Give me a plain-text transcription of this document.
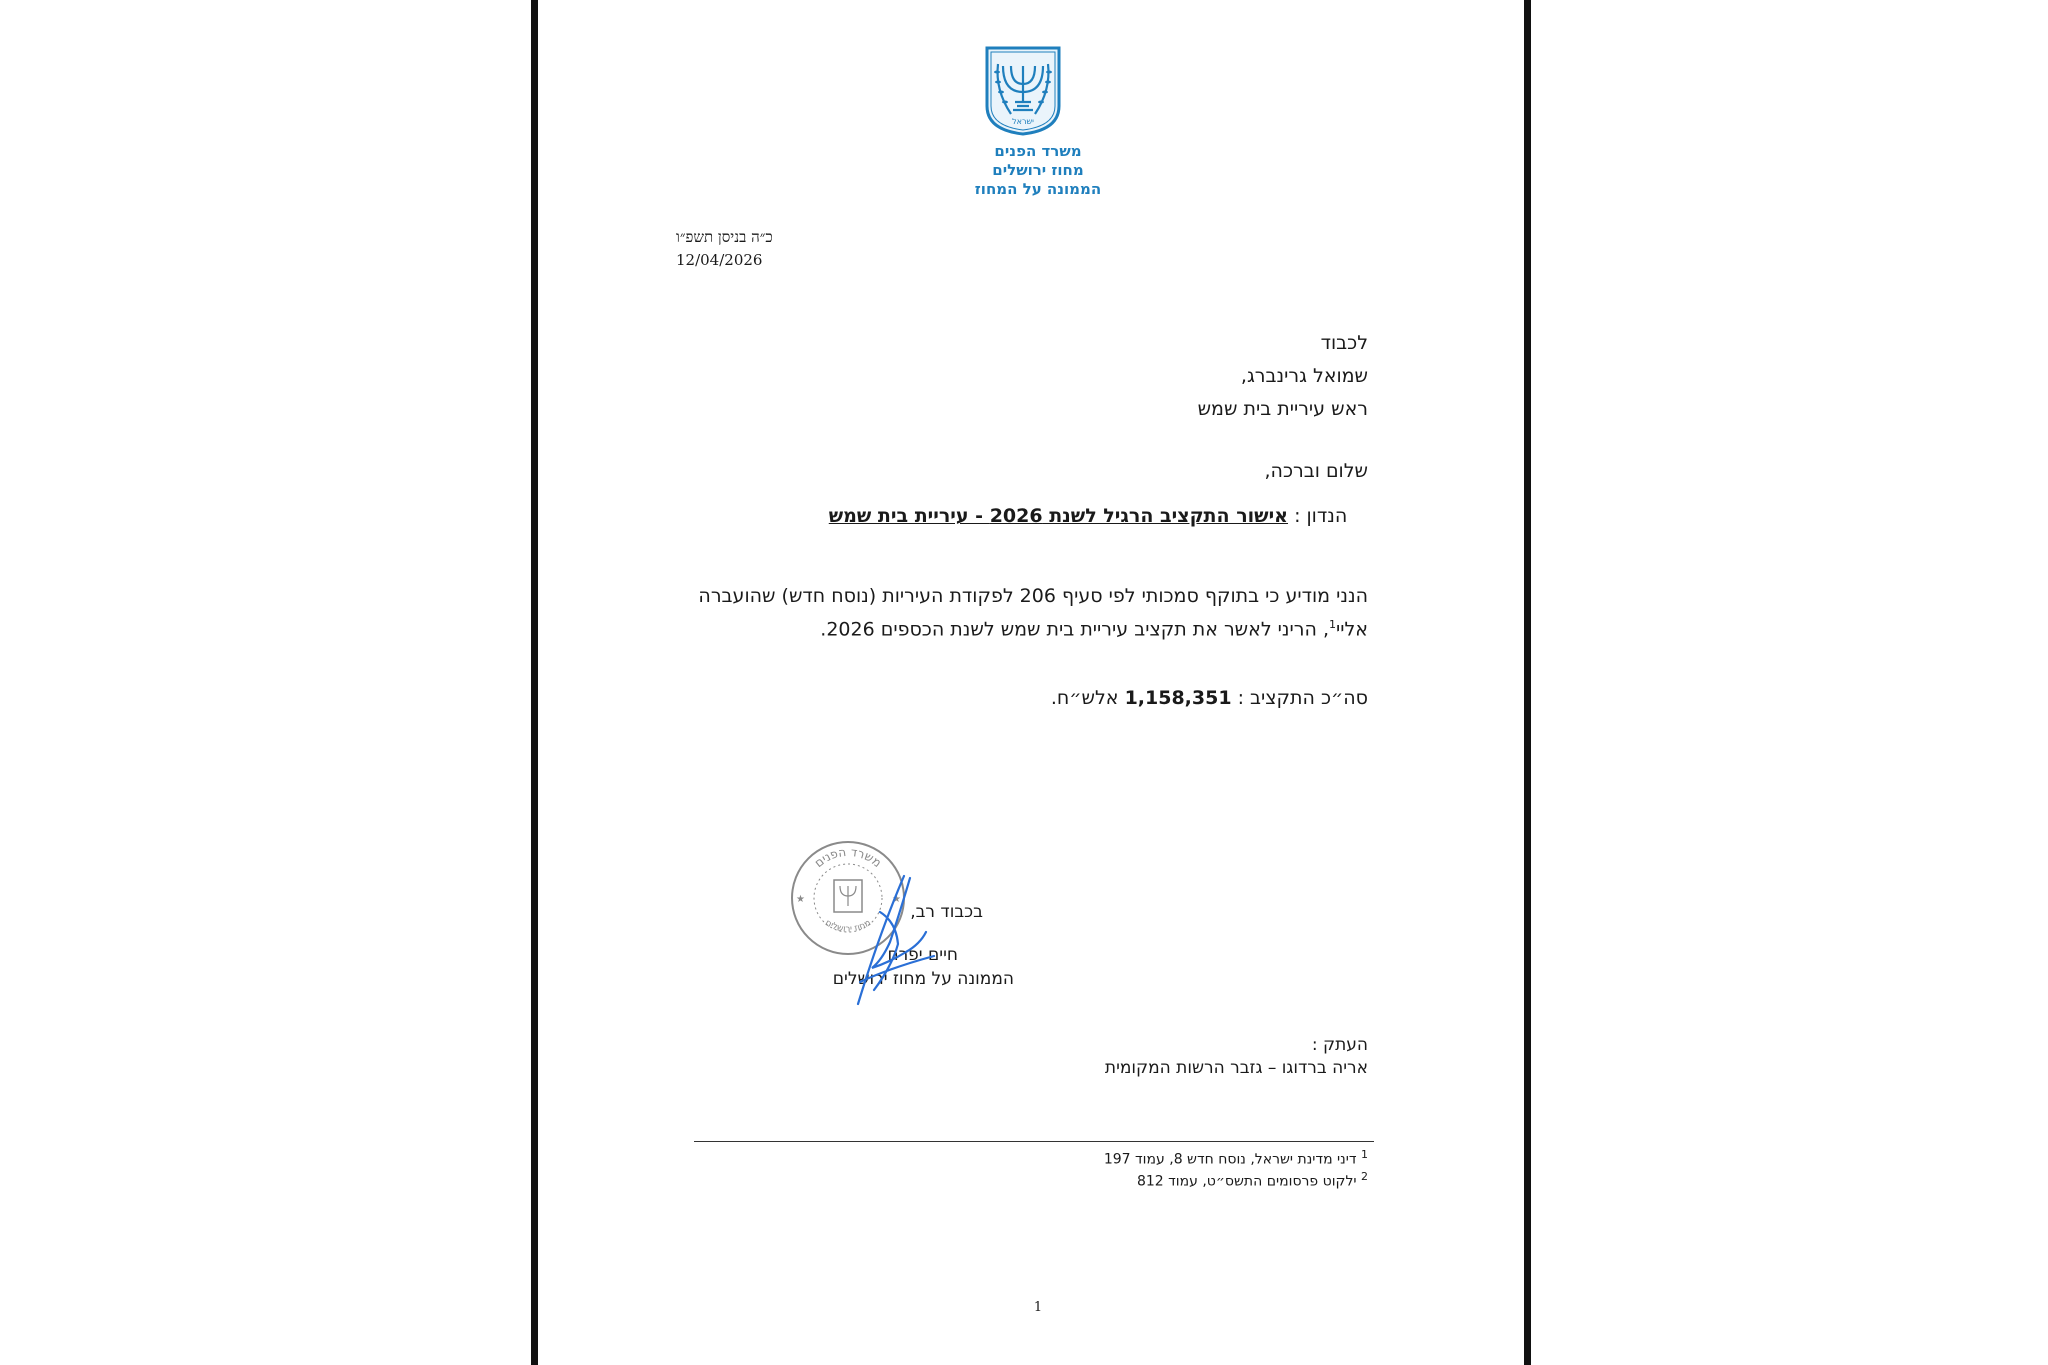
ישראל
משרד הפנים
מחוז ירושלים
הממונה על המחוז
כ״ה בניסן תשפ״ו
12/04/2026
לכבוד
שמואל גרינברג,
ראש עיריית בית שמש
שלום וברכה,
הנדון : אישור התקציב הרגיל לשנת 2026 - עיריית בית שמש
הנני מודיע כי בתוקף סמכותי לפי סעיף 206 לפקודת העיריות (נוסח חדש) שהועברה
אליי$^1$, הריני לאשר את תקציב עיריית בית שמש לשנת הכספים 2026.
סה״כ התקציב : 1,158,351 אלש״ח.
משרד הפנים
מחוז ירושלים
★	★
בכבוד רב,
חיים יפרח
הממונה על מחוז ירושלים
העתק :
אריה ברדוגו – גזבר הרשות המקומית
$^1$ דיני מדינת ישראל, נוסח חדש 8, עמוד 197
$^2$ ילקוט פרסומים התשס״ט, עמוד 812
1
